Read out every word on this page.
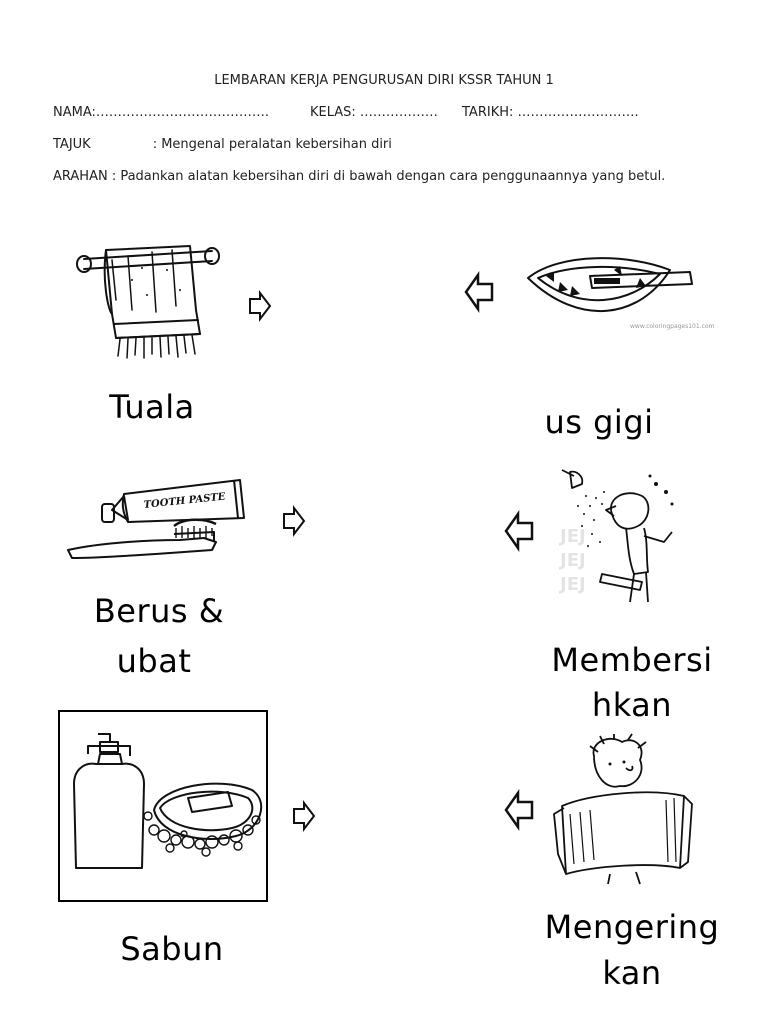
LEMBARAN KERJA PENGURUSAN DIRI KSSR TAHUN 1
NAMA:………………………………….	KELAS: ……………… TARIKH: ……………………….
TAJUK	: Mengenal peralatan kebersihan diri
ARAHAN : Padankan alatan kebersihan diri di bawah dengan cara penggunaannya yang betul.
www.coloringpages101.com
Tuala	us gigi
TOOTH PASTE
JEJ
JEJ
JEJ
Berus &
ubat	Membersi
hkan
Sabun
Mengering
kan
